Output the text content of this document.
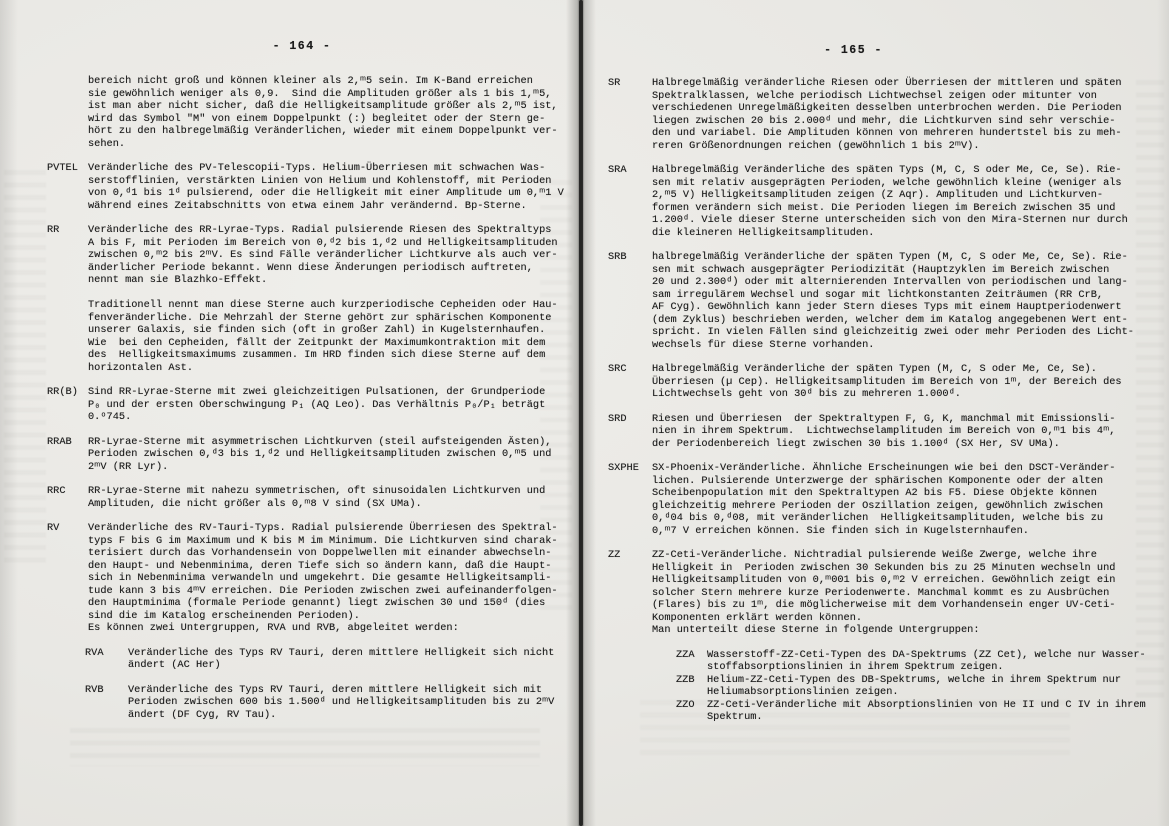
- 164 -
bereich nicht groß und können kleiner als 2,ᵐ5 sein. Im K-Band erreichen
sie gewöhnlich weniger als 0,9.  Sind die Amplituden größer als 1 bis 1,ᵐ5,
ist man aber nicht sicher, daß die Helligkeitsamplitude größer als 2,ᵐ5 ist,
wird das Symbol "M" von einem Doppelpunkt (:) begleitet oder der Stern ge-
hört zu den halbregelmäßig Veränderlichen, wieder mit einem Doppelpunkt ver-
sehen.
PVTEL Veränderliche des PV-Telescopii-Typs. Helium-Überriesen mit schwachen Was-
serstofflinien, verstärkten Linien von Helium und Kohlenstoff, mit Perioden
von 0,ᵈ1 bis 1ᵈ pulsierend, oder die Helligkeit mit einer Amplitude um 0,ᵐ1 V
während eines Zeitabschnitts von etwa einem Jahr verändernd. Bp-Sterne.
RR	Veränderliche des RR-Lyrae-Typs. Radial pulsierende Riesen des Spektraltyps
A bis F, mit Perioden im Bereich von 0,ᵈ2 bis 1,ᵈ2 und Helligkeitsamplituden
zwischen 0,ᵐ2 bis 2ᵐV. Es sind Fälle veränderlicher Lichtkurve als auch ver-
änderlicher Periode bekannt. Wenn diese Änderungen periodisch auftreten,
nennt man sie Blazhko-Effekt.

Traditionell nennt man diese Sterne auch kurzperiodische Cepheiden oder Hau-
fenveränderliche. Die Mehrzahl der Sterne gehört zur sphärischen Komponente
unserer Galaxis, sie finden sich (oft in großer Zahl) in Kugelsternhaufen.
Wie  bei den Cepheiden, fällt der Zeitpunkt der Maximumkontraktion mit dem
des  Helligkeitsmaximums zusammen. Im HRD finden sich diese Sterne auf dem
horizontalen Ast.
RR(B) Sind RR-Lyrae-Sterne mit zwei gleichzeitigen Pulsationen, der Grundperiode
P₀ und der ersten Oberschwingung P₁ (AQ Leo). Das Verhältnis P₀/P₁ beträgt
0.ᵒ745.
RRAB	RR-Lyrae-Sterne mit asymmetrischen Lichtkurven (steil aufsteigenden Ästen),
Perioden zwischen 0,ᵈ3 bis 1,ᵈ2 und Helligkeitsamplituden zwischen 0,ᵐ5 und
2ᵐV (RR Lyr).
RRC	RR-Lyrae-Sterne mit nahezu symmetrischen, oft sinusoidalen Lichtkurven und
Amplituden, die nicht größer als 0,ᵐ8 V sind (SX UMa).
RV	Veränderliche des RV-Tauri-Typs. Radial pulsierende Überriesen des Spektral-
typs F bis G im Maximum und K bis M im Minimum. Die Lichtkurven sind charak-
terisiert durch das Vorhandensein von Doppelwellen mit einander abwechseln-
den Haupt- und Nebenminima, deren Tiefe sich so ändern kann, daß die Haupt-
sich in Nebenminima verwandeln und umgekehrt. Die gesamte Helligkeitsampli-
tude kann 3 bis 4ᵐV erreichen. Die Perioden zwischen zwei aufeinanderfolgen-
den Hauptminima (formale Periode genannt) liegt zwischen 30 und 150ᵈ (dies
sind die im Katalog erscheinenden Perioden).
Es können zwei Untergruppen, RVA und RVB, abgeleitet werden:
RVA	Veränderliche des Typs RV Tauri, deren mittlere Helligkeit sich nicht
ändert (AC Her)
RVB	Veränderliche des Typs RV Tauri, deren mittlere Helligkeit sich mit
Perioden zwischen 600 bis 1.500ᵈ und Helligkeitsamplituden bis zu 2ᵐV
ändert (DF Cyg, RV Tau).
- 165 -
SR	Halbregelmäßig veränderliche Riesen oder Überriesen der mittleren und späten
Spektralklassen, welche periodisch Lichtwechsel zeigen oder mitunter von
verschiedenen Unregelmäßigkeiten desselben unterbrochen werden. Die Perioden
liegen zwischen 20 bis 2.000ᵈ und mehr, die Lichtkurven sind sehr verschie-
den und variabel. Die Amplituden können von mehreren hundertstel bis zu meh-
reren Größenordnungen reichen (gewöhnlich 1 bis 2ᵐV).
SRA	Halbregelmäßig Veränderliche des späten Typs (M, C, S oder Me, Ce, Se). Rie-
sen mit relativ ausgeprägten Perioden, welche gewöhnlich kleine (weniger als
2,ᵐ5 V) Helligkeitsamplituden zeigen (Z Aqr). Amplituden und Lichtkurven-
formen verändern sich meist. Die Perioden liegen im Bereich zwischen 35 und
1.200ᵈ. Viele dieser Sterne unterscheiden sich von den Mira-Sternen nur durch
die kleineren Helligkeitsamplituden.
SRB	halbregelmäßig Veränderliche der späten Typen (M, C, S oder Me, Ce, Se). Rie-
sen mit schwach ausgeprägter Periodizität (Hauptzyklen im Bereich zwischen
20 und 2.300ᵈ) oder mit alternierenden Intervallen von periodischen und lang-
sam irregulärem Wechsel und sogar mit lichtkonstanten Zeiträumen (RR CrB,
AF Cyg). Gewöhnlich kann jeder Stern dieses Typs mit einem Hauptperiodenwert
(dem Zyklus) beschrieben werden, welcher dem im Katalog angegebenen Wert ent-
spricht. In vielen Fällen sind gleichzeitig zwei oder mehr Perioden des Licht-
wechsels für diese Sterne vorhanden.
SRC	Halbregelmäßig Veränderliche der späten Typen (M, C, S oder Me, Ce, Se).
Überriesen (µ Cep). Helligkeitsamplituden im Bereich von 1ᵐ, der Bereich des
Lichtwechsels geht von 30ᵈ bis zu mehreren 1.000ᵈ.
SRD	Riesen und Überriesen  der Spektraltypen F, G, K, manchmal mit Emissionsli-
nien in ihrem Spektrum.  Lichtwechselamplituden im Bereich von 0,ᵐ1 bis 4ᵐ,
der Periodenbereich liegt zwischen 30 bis 1.100ᵈ (SX Her, SV UMa).
SXPHE	SX-Phoenix-Veränderliche. Ähnliche Erscheinungen wie bei den DSCT-Veränder-
lichen. Pulsierende Unterzwerge der sphärischen Komponente oder der alten
Scheibenpopulation mit den Spektraltypen A2 bis F5. Diese Objekte können
gleichzeitig mehrere Perioden der Oszillation zeigen, gewöhnlich zwischen
0,ᵈ04 bis 0,ᵈ08, mit veränderlichen  Helligkeitsamplituden, welche bis zu
0,ᵐ7 V erreichen können. Sie finden sich in Kugelsternhaufen.
ZZ	ZZ-Ceti-Veränderliche. Nichtradial pulsierende Weiße Zwerge, welche ihre
Helligkeit in  Perioden zwischen 30 Sekunden bis zu 25 Minuten wechseln und
Helligkeitsamplituden von 0,ᵐ001 bis 0,ᵐ2 V erreichen. Gewöhnlich zeigt ein
solcher Stern mehrere kurze Periodenwerte. Manchmal kommt es zu Ausbrüchen
(Flares) bis zu 1ᵐ, die möglicherweise mit dem Vorhandensein enger UV-Ceti-
Komponenten erklärt werden können.
Man unterteilt diese Sterne in folgende Untergruppen:
ZZA	Wasserstoff-ZZ-Ceti-Typen des DA-Spektrums (ZZ Cet), welche nur Wasser-
stoffabsorptionslinien in ihrem Spektrum zeigen.
ZZB	Helium-ZZ-Ceti-Typen des DB-Spektrums, welche in ihrem Spektrum nur
Heliumabsorptionslinien zeigen.
ZZO	ZZ-Ceti-Veränderliche mit Absorptionslinien von He II und C IV in ihrem
Spektrum.
